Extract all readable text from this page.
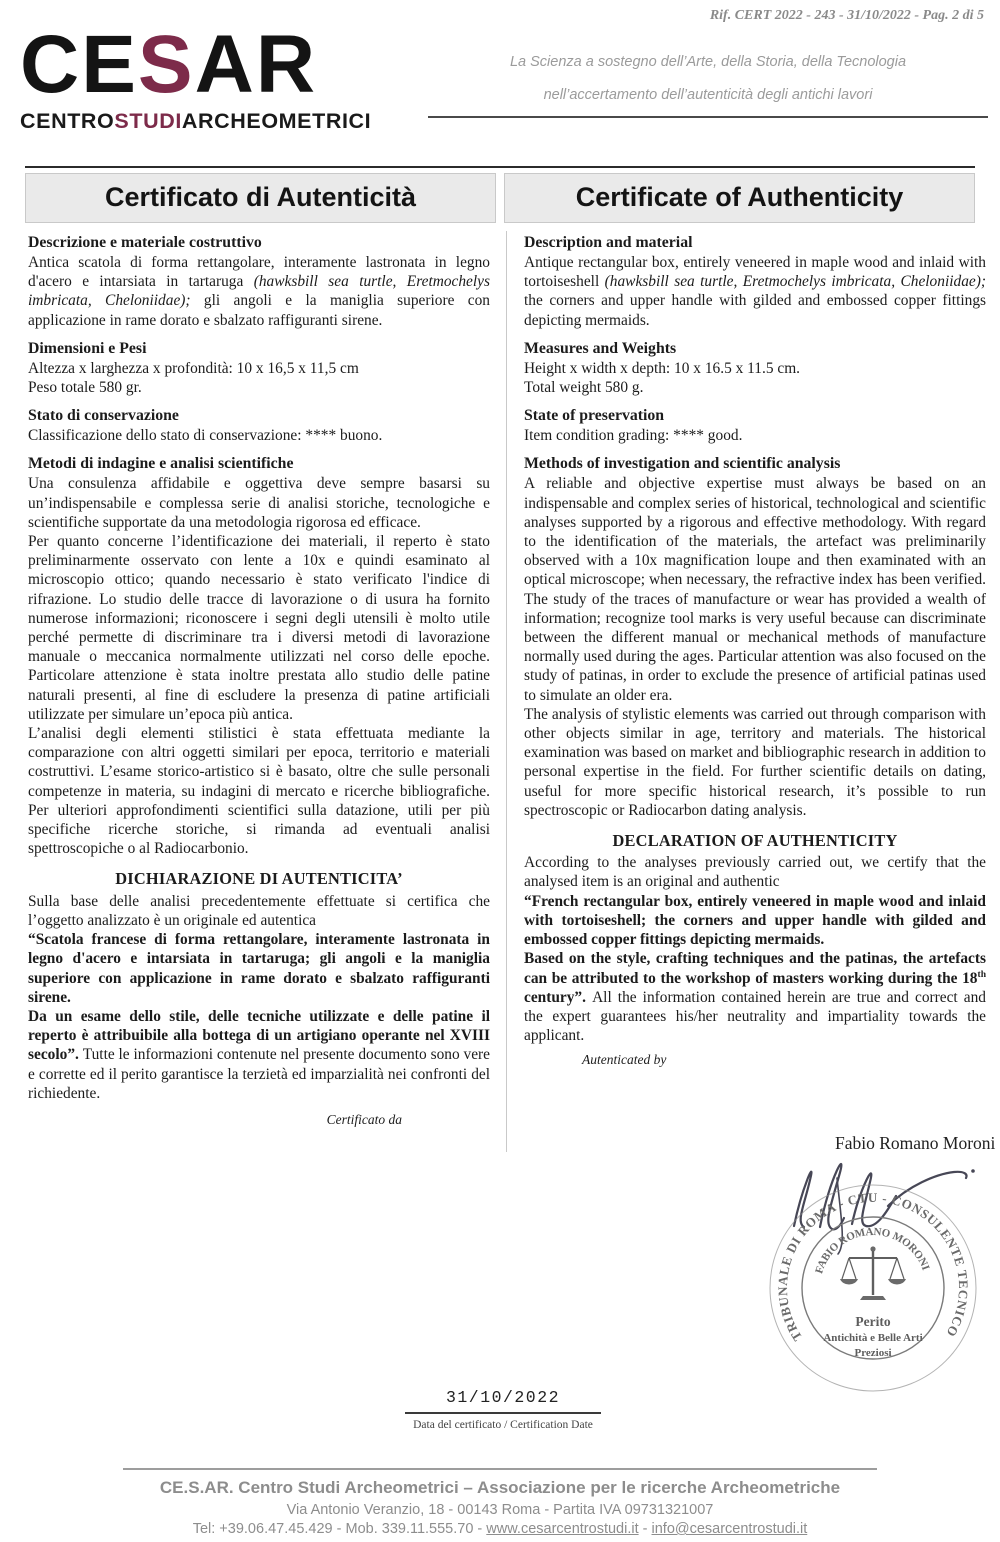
Rif. CERT 2022 - 243 - 31/10/2022 - Pag. 2 di 5
CESAR
CENTROSTUDIARCHEOMETRICI
La Scienza a sostegno dell’Arte, della Storia, della Tecnologia
nell’accertamento dell’autenticità degli antichi lavori
Certificato di Autenticità	Certificate of Authenticity
Descrizione e materiale costruttivo

Antica scatola di forma rettangolare, interamente lastronata in legno d'acero e intarsiata in tartaruga (hawksbill sea turtle, Eretmochelys imbricata, Cheloniidae); gli angoli e la maniglia superiore con applicazione in rame dorato e sbalzato raffiguranti sirene.

Dimensioni e Pesi

Altezza x larghezza x profondità: 10 x 16,5 x 11,5 cm

Peso totale 580 gr.

Stato di conservazione

Classificazione dello stato di conservazione: **** buono.

Metodi di indagine e analisi scientifiche

Una consulenza affidabile e oggettiva deve sempre basarsi su un’indispensabile e complessa serie di analisi storiche, tecnologiche e scientifiche supportate da una metodologia rigorosa ed efficace.

Per quanto concerne l’identificazione dei materiali, il reperto è stato preliminarmente osservato con lente a 10x e quindi esaminato al microscopio ottico; quando necessario è stato verificato l'indice di rifrazione. Lo studio delle tracce di lavorazione o di usura ha fornito numerose informazioni; riconoscere i segni degli utensili è molto utile perché permette di discriminare tra i diversi metodi di lavorazione manuale o meccanica normalmente utilizzati nel corso delle epoche. Particolare attenzione è stata inoltre prestata allo studio delle patine naturali presenti, al fine di escludere la presenza di patine artificiali utilizzate per simulare un’epoca più antica.

L’analisi degli elementi stilistici è stata effettuata mediante la comparazione con altri oggetti similari per epoca, territorio e materiali costruttivi. L’esame storico-artistico si è basato, oltre che sulle personali competenze in materia, su indagini di mercato e ricerche bibliografiche. Per ulteriori approfondimenti scientifici sulla datazione, utili per più specifiche ricerche storiche, si rimanda ad eventuali analisi spettroscopiche o al Radiocarbonio.

DICHIARAZIONE DI AUTENTICITA’

Sulla base delle analisi precedentemente effettuate si certifica che l’oggetto analizzato è un originale ed autentica

“Scatola francese di forma rettangolare, interamente lastronata in legno d'acero e intarsiata in tartaruga; gli angoli e la maniglia superiore con applicazione in rame dorato e sbalzato raffiguranti sirene.

Da un esame dello stile, delle tecniche utilizzate e delle patine il reperto è attribuibile alla bottega di un artigiano operante nel XVIII secolo”. Tutte le informazioni contenute nel presente documento sono vere e corrette ed il perito garantisce la terzietà ed imparzialità nei confronti del richiedente.

Certificato da
Description and material

Antique rectangular box, entirely veneered in maple wood and inlaid with tortoiseshell (hawksbill sea turtle, Eretmochelys imbricata, Cheloniidae); the corners and upper handle with gilded and embossed copper fittings depicting mermaids.

Measures and Weights

Height x width x depth: 10 x 16.5 x 11.5 cm.

Total weight 580 g.

State of preservation

Item condition grading: **** good.

Methods of investigation and scientific analysis

A reliable and objective expertise must always be based on an indispensable and complex series of historical, technological and scientific analyses supported by a rigorous and effective methodology. With regard to the identification of the materials, the artefact was preliminarily observed with a 10x magnification loupe and then examinated with an optical microscope; when necessary, the refractive index has been verified. The study of the traces of manufacture or wear has provided a wealth of information; recognize tool marks is very useful because can discriminate between the different manual or mechanical methods of manufacture normally used during the ages. Particular attention was also focused on the study of patinas, in order to exclude the presence of artificial patinas used to simulate an older era.

The analysis of stylistic elements was carried out through comparison with other objects similar in age, territory and materials. The historical examination was based on market and bibliographic research in addition to personal expertise in the field. For further scientific details on dating, useful for more specific historical research, it’s possible to run spectroscopic or Radiocarbon dating analysis.

DECLARATION OF AUTHENTICITY

According to the analyses previously carried out, we certify that the analysed item is an original and authentic

“French rectangular box, entirely veneered in maple wood and inlaid with tortoiseshell; the corners and upper handle with gilded and embossed copper fittings depicting mermaids.

Based on the style, crafting techniques and the patinas, the artefacts can be attributed to the workshop of masters working during the 18th century”. All the information contained herein are true and correct and the expert guarantees his/her neutrality and impartiality towards the applicant.

Autenticated by
Fabio Romano Moroni
TRIBUNALE DI ROMA - CTU - CONSULENTE TECNICO
FABIO ROMANO MORONI
Perito
Antichità e Belle Arti
Preziosi
31/10/2022
Data del certificato / Certification Date
CE.S.AR. Centro Studi Archeometrici – Associazione per le ricerche Archeometriche
Via Antonio Veranzio, 18 - 00143 Roma - Partita IVA 09731321007
Tel: +39.06.47.45.429 - Mob. 339.11.555.70 - www.cesarcentrostudi.it - info@cesarcentrostudi.it
